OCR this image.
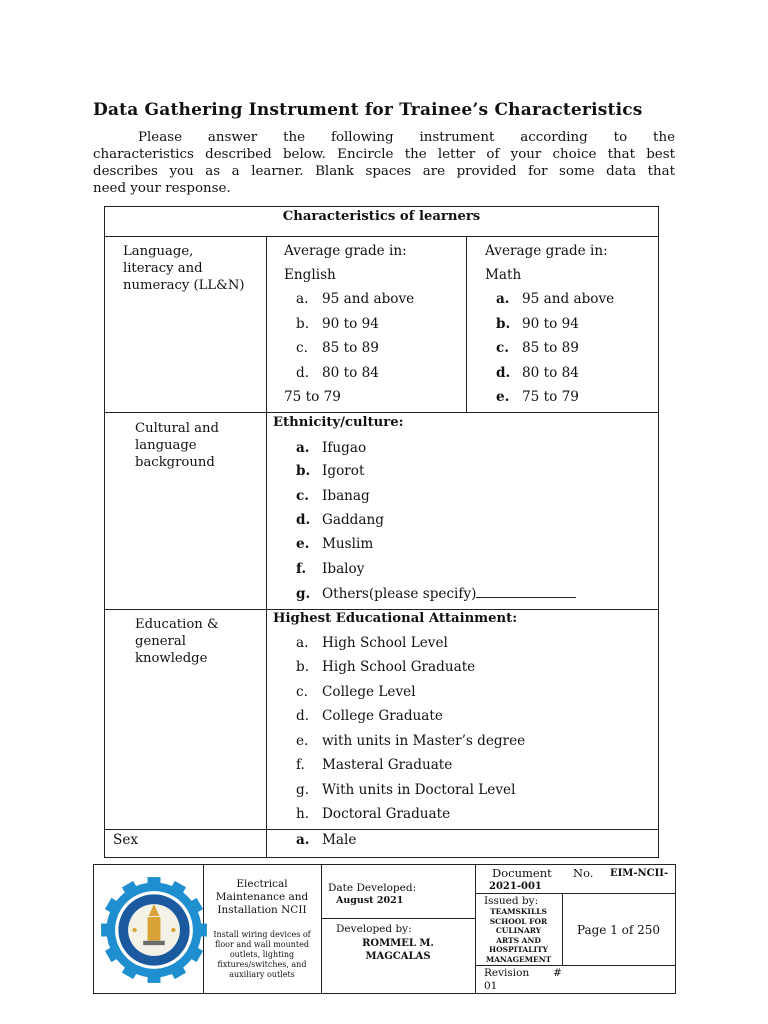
Data Gathering Instrument for Trainee’s Characteristics
Please answer the following instrument according to the
characteristics described below. Encircle the letter of your choice that best
describes you as a learner. Blank spaces are provided for some data that
need your response.
Characteristics of learners
Language,
literacy and
numeracy (LL&N)
Average grade in:
English
a. 95 and above
b. 90 to 94
c. 85 to 89
d. 80 to 84
75 to 79
Average grade in:
Math
a. 95 and above
b. 90 to 94
c. 85 to 89
d. 80 to 84
e. 75 to 79
Cultural and
language
background
Ethnicity/culture:
a. Ifugao
b. Igorot
c. Ibanag
d. Gaddang
e. Muslim
f. Ibaloy
g. Others(please specify)
Education &
general
knowledge
Highest Educational Attainment:
a. High School Level
b. High School Graduate
c. College Level
d. College Graduate
e. with units in Master’s degree
f. Masteral Graduate
g. With units in Doctoral Level
h. Doctoral Graduate
Sex	a. Male
Electrical
Maintenance and
Installation NCII
Install wiring devices of
floor and wall mounted
outlets, lighting
fixtures/switches, and
auxiliary outlets
Date Developed:
August 2021
Developed by:
ROMMEL M.
MAGCALAS
Document No. EIM-NCII-
2021-001
Issued by:
TEAMSKILLS
SCHOOL FOR
CULINARY
ARTS AND
HOSPITALITY
MANAGEMENT
Page 1 of 250
Revision #
01
